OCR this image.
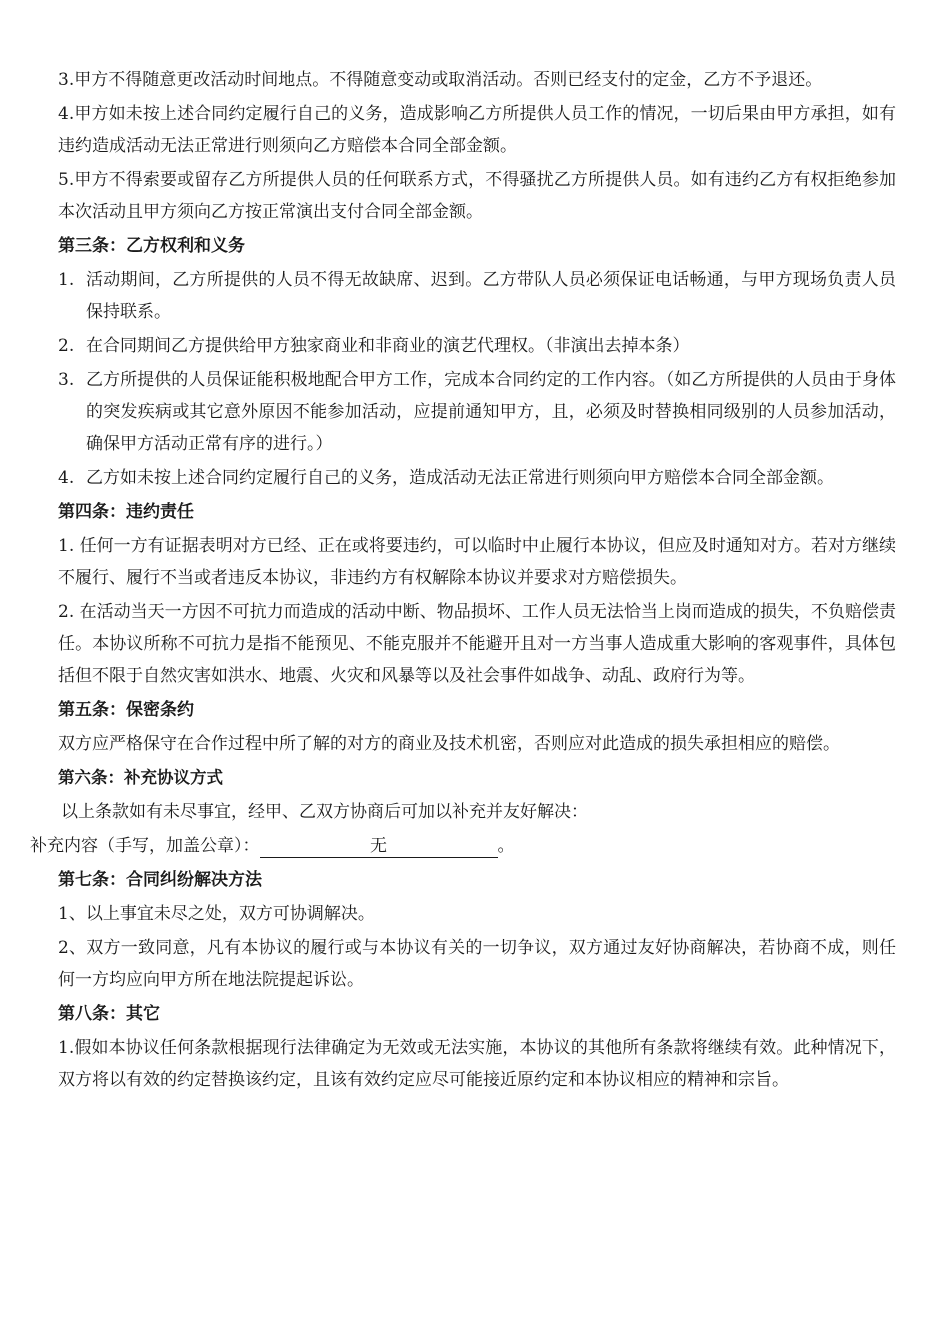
3.甲方不得随意更改活动时间地点。不得随意变动或取消活动。否则已经支付的定金，乙方不予退还。

4.甲方如未按上述合同约定履行自己的义务，造成影响乙方所提供人员工作的情况，一切后果由甲方承担，如有违约造成活动无法正常进行则须向乙方赔偿本合同全部金额。

5.甲方不得索要或留存乙方所提供人员的任何联系方式，不得骚扰乙方所提供人员。如有违约乙方有权拒绝参加本次活动且甲方须向乙方按正常演出支付合同全部金额。

第三条：乙方权利和义务
1. 活动期间，乙方所提供的人员不得无故缺席、迟到。乙方带队人员必须保证电话畅通，与甲方现场负责人员保持联系。
2. 在合同期间乙方提供给甲方独家商业和非商业的演艺代理权。（非演出去掉本条）
3. 乙方所提供的人员保证能积极地配合甲方工作，完成本合同约定的工作内容。（如乙方所提供的人员由于身体的突发疾病或其它意外原因不能参加活动，应提前通知甲方，且，必须及时替换相同级别的人员参加活动，确保甲方活动正常有序的进行。）
4. 乙方如未按上述合同约定履行自己的义务，造成活动无法正常进行则须向甲方赔偿本合同全部金额。
第四条：违约责任

1. 任何一方有证据表明对方已经、正在或将要违约，可以临时中止履行本协议，但应及时通知对方。若对方继续不履行、履行不当或者违反本协议，非违约方有权解除本协议并要求对方赔偿损失。

2. 在活动当天一方因不可抗力而造成的活动中断、物品损坏、工作人员无法恰当上岗而造成的损失，不负赔偿责任。本协议所称不可抗力是指不能预见、不能克服并不能避开且对一方当事人造成重大影响的客观事件，具体包括但不限于自然灾害如洪水、地震、火灾和风暴等以及社会事件如战争、动乱、政府行为等。

第五条：保密条约

双方应严格保守在合作过程中所了解的对方的商业及技术机密，否则应对此造成的损失承担相应的赔偿。

第六条：补充协议方式

以上条款如有未尽事宜，经甲、乙双方协商后可加以补充并友好解决：

补充内容（手写，加盖公章）：	无	。
第七条：合同纠纷解决方法

1、以上事宜未尽之处，双方可协调解决。

2、双方一致同意，凡有本协议的履行或与本协议有关的一切争议，双方通过友好协商解决，若协商不成，则任何一方均应向甲方所在地法院提起诉讼。

第八条：其它

1.假如本协议任何条款根据现行法律确定为无效或无法实施，本协议的其他所有条款将继续有效。此种情况下，双方将以有效的约定替换该约定，且该有效约定应尽可能接近原约定和本协议相应的精神和宗旨。
